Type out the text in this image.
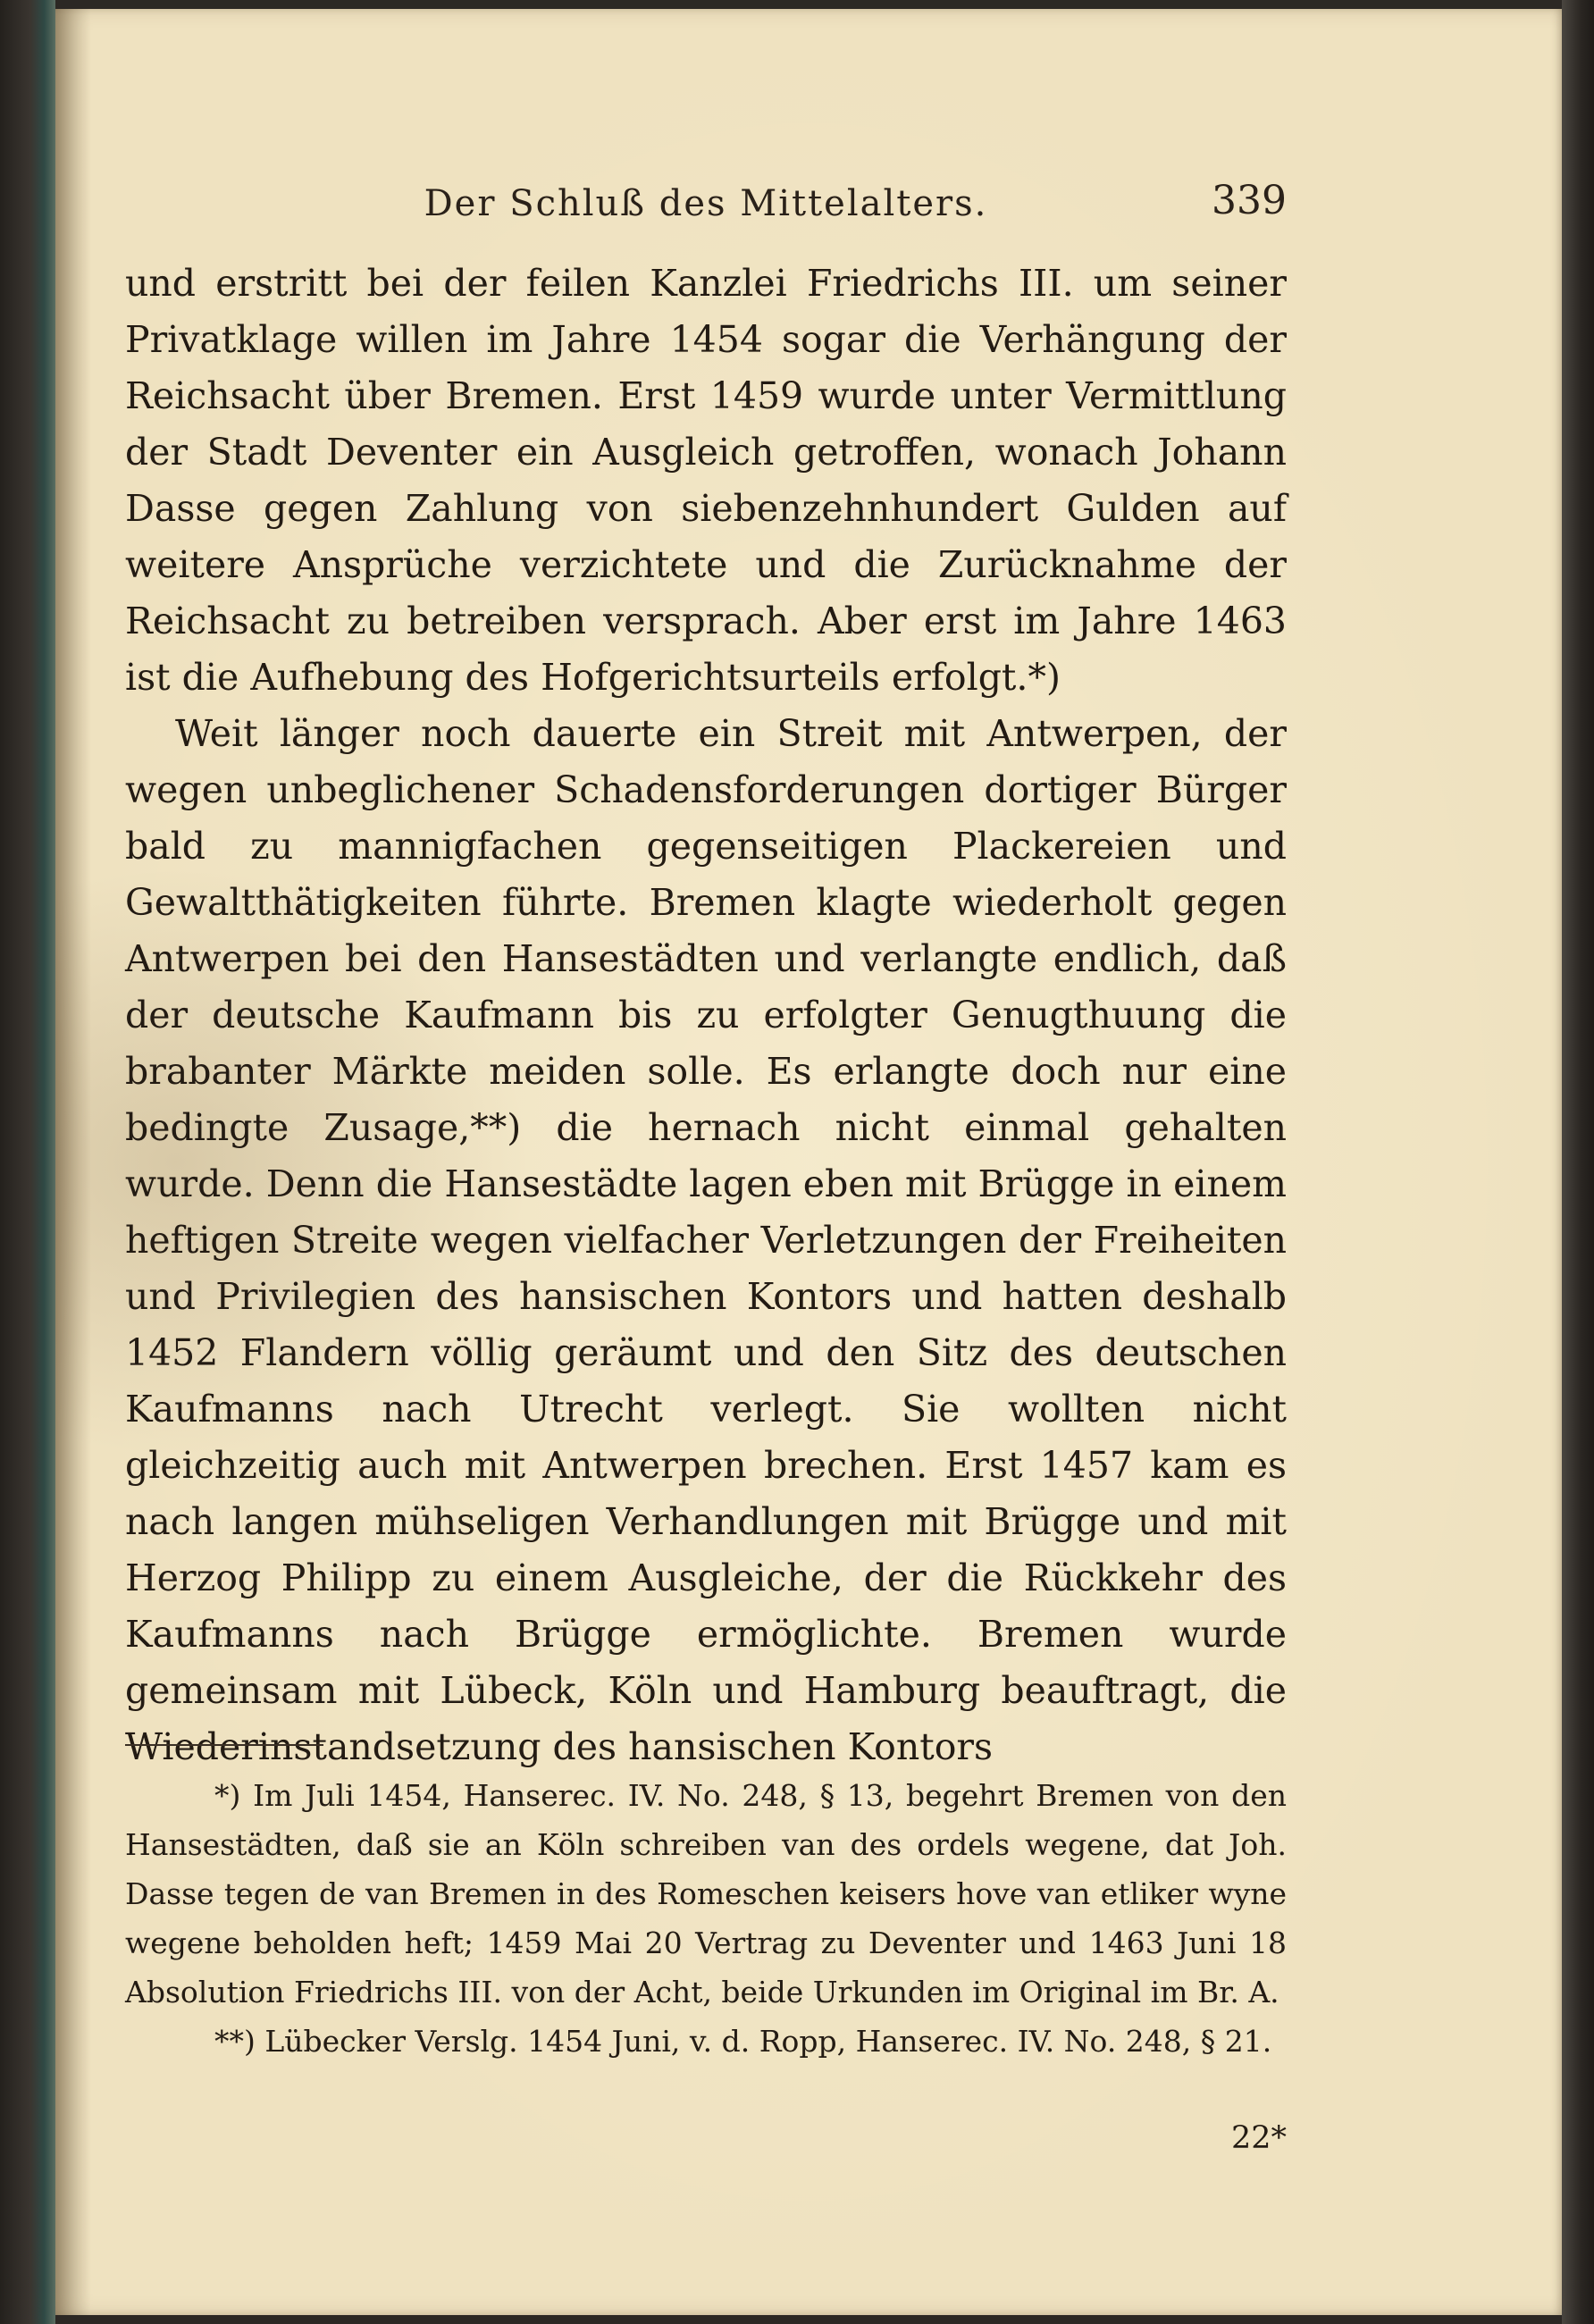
Der Schluß des Mittelalters.	339

und erstritt bei der feilen Kanzlei Friedrichs III. um seiner Privatklage willen im Jahre 1454 sogar die Verhängung der Reichsacht über Bremen. Erst 1459 wurde unter Vermittlung der Stadt Deventer ein Ausgleich getroffen, wonach Johann Dasse gegen Zahlung von siebenzehnhundert Gulden auf weitere Ansprüche verzichtete und die Zurücknahme der Reichsacht zu betreiben versprach. Aber erst im Jahre 1463 ist die Aufhebung des Hofgerichtsurteils erfolgt.*)

Weit länger noch dauerte ein Streit mit Antwerpen, der wegen unbeglichener Schadensforderungen dortiger Bürger bald zu mannigfachen gegenseitigen Plackereien und Gewaltthätigkeiten führte. Bremen klagte wiederholt gegen Antwerpen bei den Hansestädten und verlangte endlich, daß der deutsche Kaufmann bis zu erfolgter Genugthuung die brabanter Märkte meiden solle. Es erlangte doch nur eine bedingte Zusage,**) die hernach nicht einmal gehalten wurde. Denn die Hansestädte lagen eben mit Brügge in einem heftigen Streite wegen vielfacher Verletzungen der Freiheiten und Privilegien des hansischen Kontors und hatten deshalb 1452 Flandern völlig geräumt und den Sitz des deutschen Kaufmanns nach Utrecht verlegt. Sie wollten nicht gleichzeitig auch mit Antwerpen brechen. Erst 1457 kam es nach langen mühseligen Verhandlungen mit Brügge und mit Herzog Philipp zu einem Ausgleiche, der die Rückkehr des Kaufmanns nach Brügge ermöglichte. Bremen wurde gemeinsam mit Lübeck, Köln und Hamburg beauftragt, die Wiederinstandsetzung des hansischen Kontors

*) Im Juli 1454, Hanserec. IV. No. 248, § 13, begehrt Bremen von den Hansestädten, daß sie an Köln schreiben van des ordels wegene, dat Joh. Dasse tegen de van Bremen in des Romeschen keisers hove van etliker wyne wegene beholden heft; 1459 Mai 20 Vertrag zu Deventer und 1463 Juni 18 Absolution Friedrichs III. von der Acht, beide Urkunden im Original im Br. A.

**) Lübecker Verslg. 1454 Juni, v. d. Ropp, Hanserec. IV. No. 248, § 21.

22*
